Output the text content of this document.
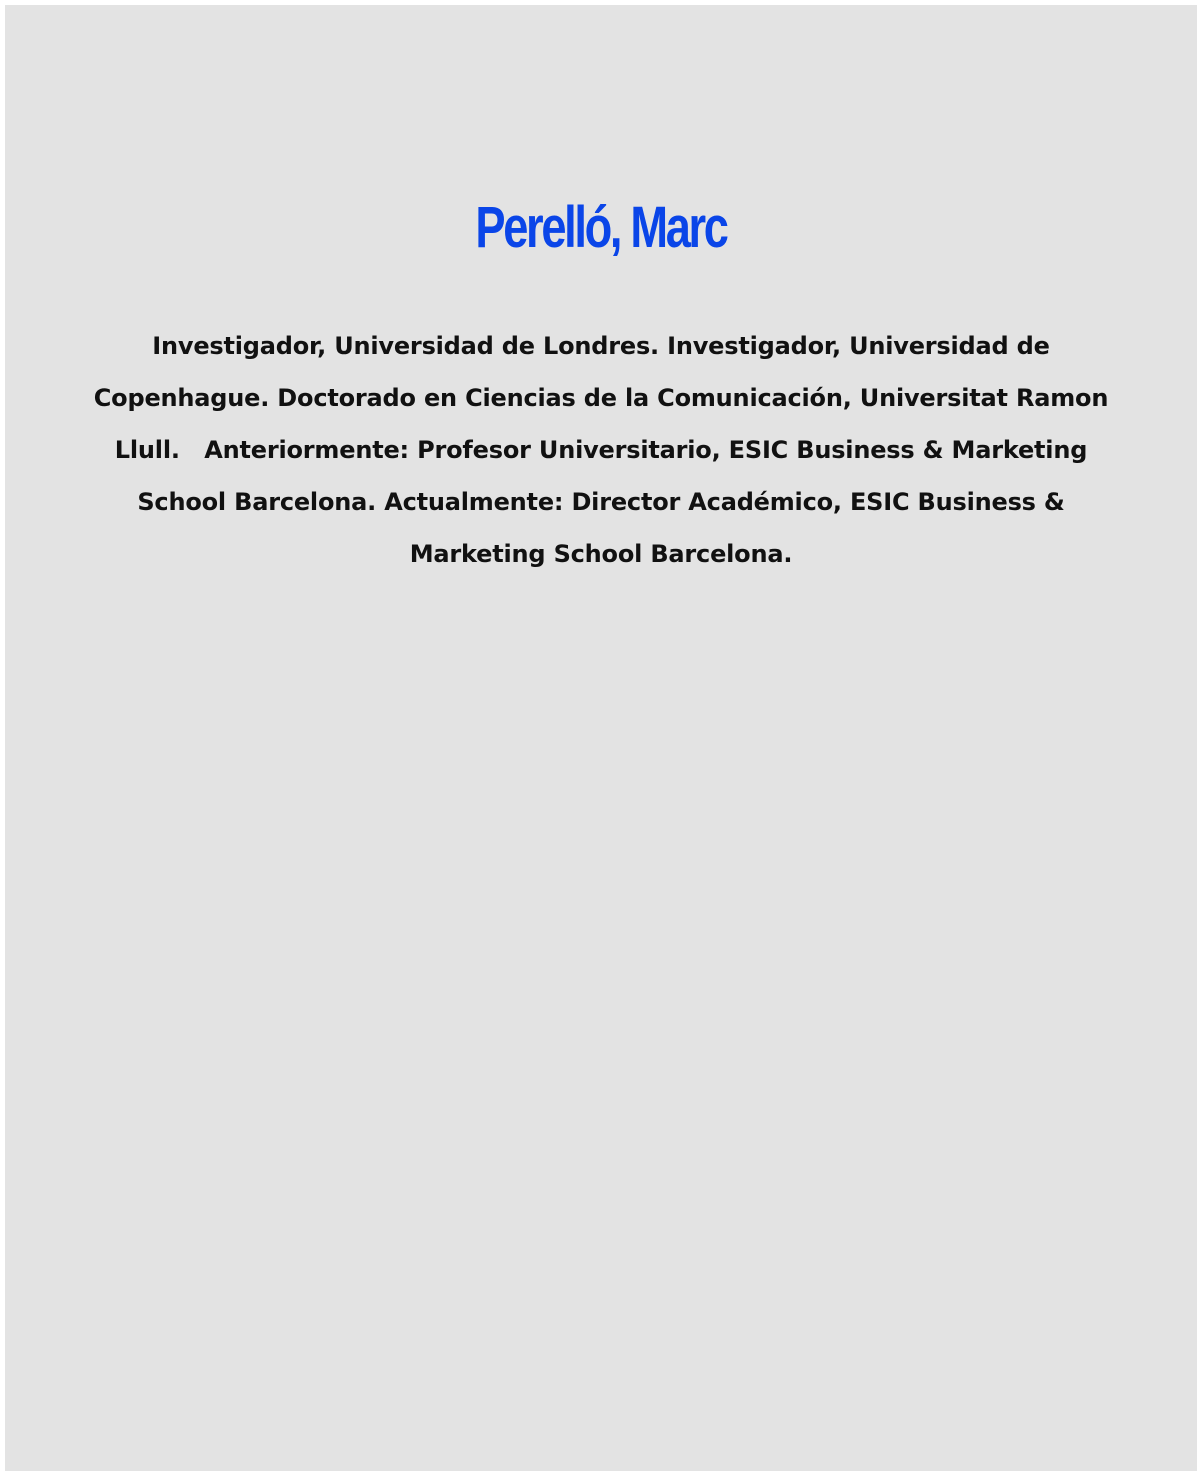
Perelló, Marc

Investigador, Universidad de Londres. Investigador, Universidad de Copenhague. Doctorado en Ciencias de la Comunicación, Universitat Ramon Llull.   Anteriormente: Profesor Universitario, ESIC Business & Marketing School Barcelona. Actualmente: Director Académico, ESIC Business & Marketing School Barcelona.
